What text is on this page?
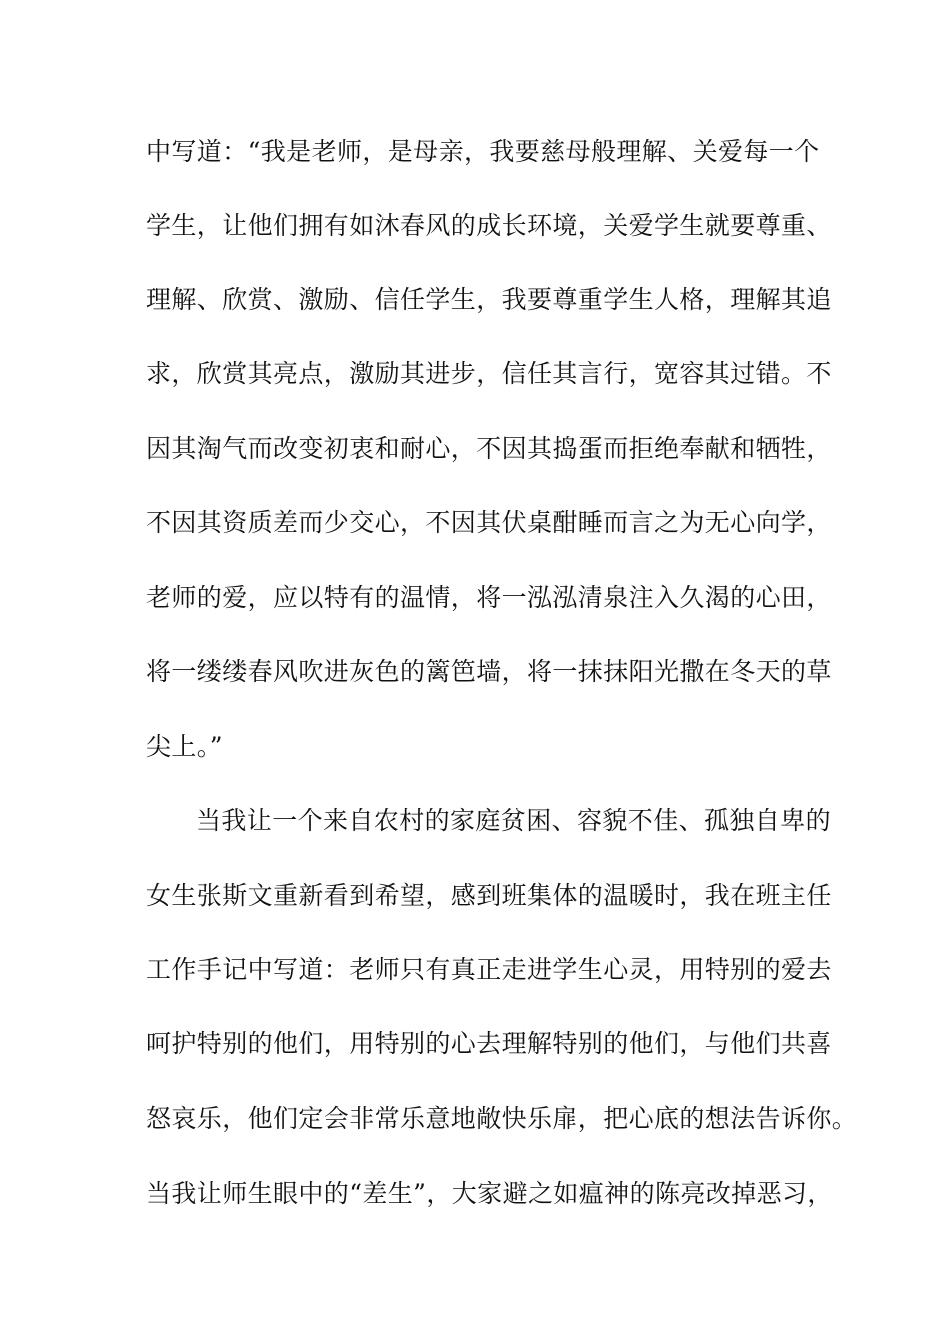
中写道：“我是老师，是母亲，我要慈母般理解、关爱每一个
学生，让他们拥有如沐春风的成长环境，关爱学生就要尊重、
理解、欣赏、激励、信任学生，我要尊重学生人格，理解其追
求，欣赏其亮点，激励其进步，信任其言行，宽容其过错。不
因其淘气而改变初衷和耐心，不因其捣蛋而拒绝奉献和牺牲，
不因其资质差而少交心，不因其伏桌酣睡而言之为无心向学，
老师的爱，应以特有的温情，将一泓泓清泉注入久渴的心田，
将一缕缕春风吹进灰色的篱笆墙，将一抹抹阳光撒在冬天的草
尖上。”
当我让一个来自农村的家庭贫困、容貌不佳、孤独自卑的
女生张斯文重新看到希望，感到班集体的温暖时，我在班主任
工作手记中写道：老师只有真正走进学生心灵，用特别的爱去
呵护特别的他们，用特别的心去理解特别的他们，与他们共喜
怒哀乐，他们定会非常乐意地敞快乐扉，把心底的想法告诉你。
当我让师生眼中的“差生”，大家避之如瘟神的陈亮改掉恶习，
